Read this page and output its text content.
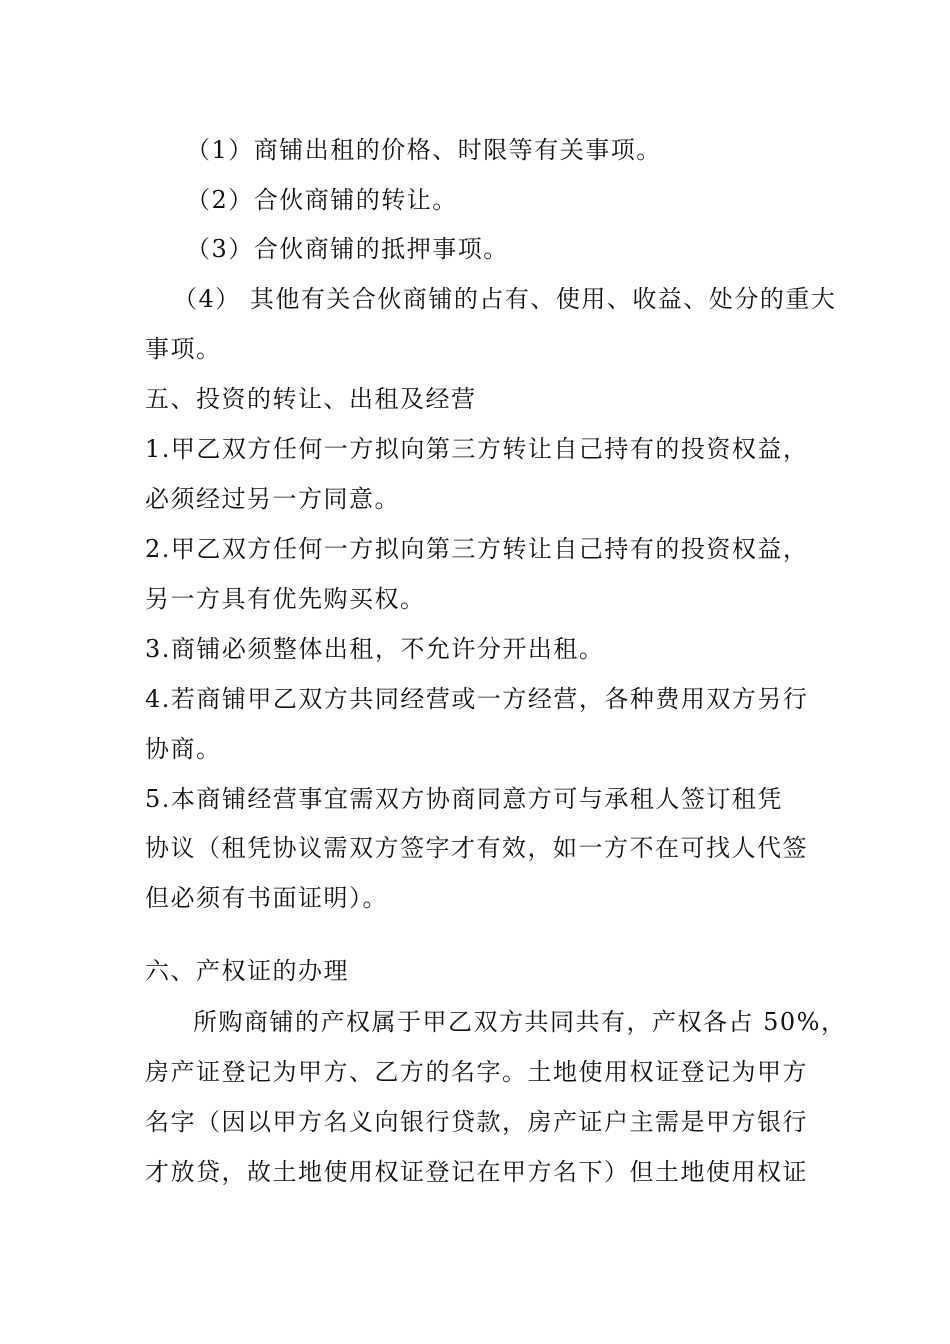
（1）商铺出租的价格、时限等有关事项。
（2）合伙商铺的转让。
（3）合伙商铺的抵押事项。
（4） 其他有关合伙商铺的占有、使用、收益、处分的重大
事项。
五、投资的转让、出租及经营
1.甲乙双方任何一方拟向第三方转让自己持有的投资权益，
必须经过另一方同意。
2.甲乙双方任何一方拟向第三方转让自己持有的投资权益，
另一方具有优先购买权。
3.商铺必须整体出租，不允许分开出租。
4.若商铺甲乙双方共同经营或一方经营，各种费用双方另行
协商。
5.本商铺经营事宜需双方协商同意方可与承租人签订租凭
协议（租凭协议需双方签字才有效，如一方不在可找人代签
但必须有书面证明）。
六、产权证的办理
所购商铺的产权属于甲乙双方共同共有，产权各占 50%，
房产证登记为甲方、乙方的名字。土地使用权证登记为甲方
名字（因以甲方名义向银行贷款，房产证户主需是甲方银行
才放贷，故土地使用权证登记在甲方名下）但土地使用权证
